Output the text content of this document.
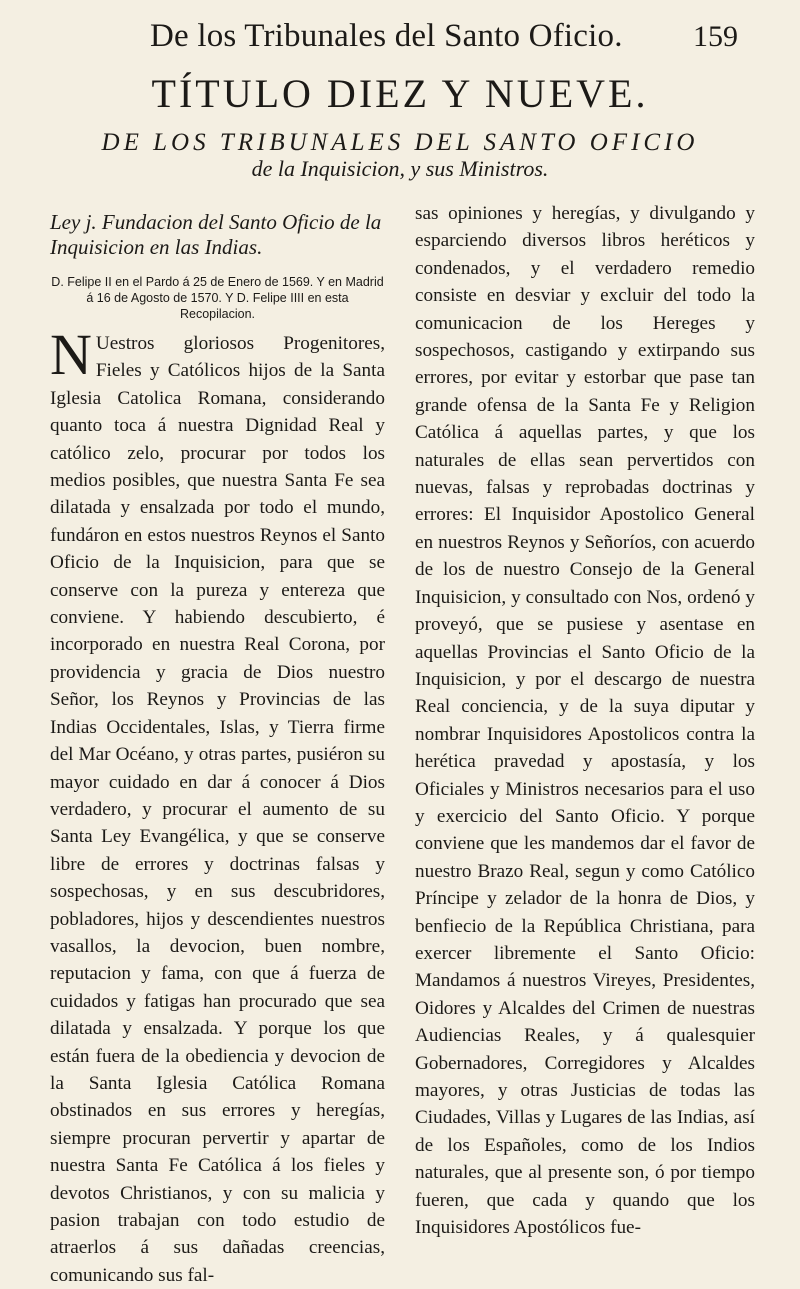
De los Tribunales del Santo Oficio. 159
TÍTULO DIEZ Y NUEVE.
DE LOS TRIBUNALES DEL SANTO OFICIO
de la Inquisicion, y sus Ministros.
Ley j. Fundacion del Santo Oficio de la Inquisicion en las Indias.
D. Felipe II en el Pardo á 25 de Enero de 1569. Y en Madrid á 16 de Agosto de 1570. Y D. Felipe IIII en esta Recopilacion.
N Uestros gloriosos Progenitores, Fieles y Católicos hijos de la Santa Iglesia Catolica Romana, considerando quanto toca á nuestra Dignidad Real y católico zelo, procurar por todos los medios posibles, que nuestra Santa Fe sea dilatada y ensalzada por todo el mundo, fundáron en estos nuestros Reynos el Santo Oficio de la Inquisicion, para que se conserve con la pureza y entereza que conviene. Y habiendo descubierto, é incorporado en nuestra Real Corona, por providencia y gracia de Dios nuestro Señor, los Reynos y Provincias de las Indias Occidentales, Islas, y Tierra firme del Mar Océano, y otras partes, pusiéron su mayor cuidado en dar á conocer á Dios verdadero, y procurar el aumento de su Santa Ley Evangélica, y que se conserve libre de errores y doctrinas falsas y sospechosas, y en sus descubridores, pobladores, hijos y descendientes nuestros vasallos, la devocion, buen nombre, reputacion y fama, con que á fuerza de cuidados y fatigas han procurado que sea dilatada y ensalzada. Y porque los que están fuera de la obediencia y devocion de la Santa Iglesia Católica Romana obstinados en sus errores y heregías, siempre procuran pervertir y apartar de nuestra Santa Fe Católica á los fieles y devotos Christianos, y con su malicia y pasion trabajan con todo estudio de atraerlos á sus dañadas creencias, comunicando sus fal-
sas opiniones y heregías, y divulgando y esparciendo diversos libros heréticos y condenados, y el verdadero remedio consiste en desviar y excluir del todo la comunicacion de los Hereges y sospechosos, castigando y extirpando sus errores, por evitar y estorbar que pase tan grande ofensa de la Santa Fe y Religion Católica á aquellas partes, y que los naturales de ellas sean pervertidos con nuevas, falsas y reprobadas doctrinas y errores: El Inquisidor Apostolico General en nuestros Reynos y Señoríos, con acuerdo de los de nuestro Consejo de la General Inquisicion, y consultado con Nos, ordenó y proveyó, que se pusiese y asentase en aquellas Provincias el Santo Oficio de la Inquisicion, y por el descargo de nuestra Real conciencia, y de la suya diputar y nombrar Inquisidores Apostolicos contra la herética pravedad y apostasía, y los Oficiales y Ministros necesarios para el uso y exercicio del Santo Oficio. Y porque conviene que les mandemos dar el favor de nuestro Brazo Real, segun y como Católico Príncipe y zelador de la honra de Dios, y benfiecio de la República Christiana, para exercer libremente el Santo Oficio: Mandamos á nuestros Vireyes, Presidentes, Oidores y Alcaldes del Crimen de nuestras Audiencias Reales, y á qualesquier Gobernadores, Corregidores y Alcaldes mayores, y otras Justicias de todas las Ciudades, Villas y Lugares de las Indias, así de los Españoles, como de los Indios naturales, que al presente son, ó por tiempo fueren, que cada y quando que los Inquisidores Apostólicos fue-
